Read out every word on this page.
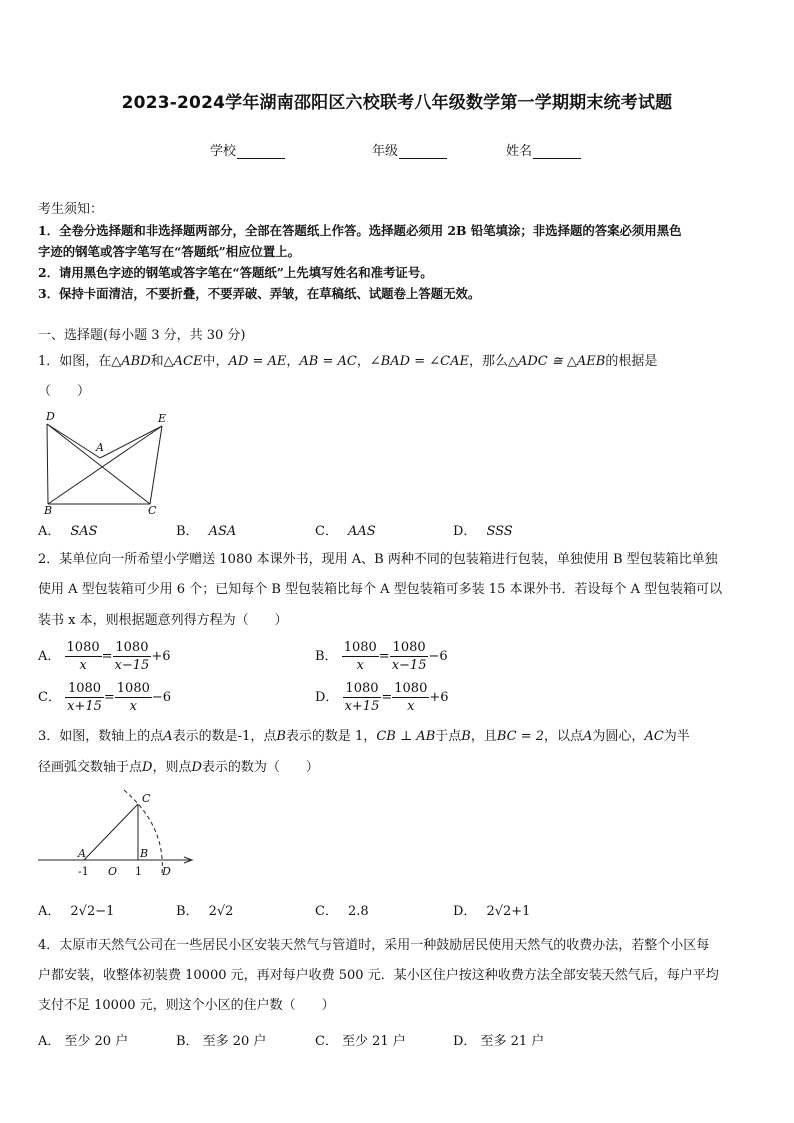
2023-2024学年湖南邵阳区六校联考八年级数学第一学期期末统考试题
学校	年级	姓名
考生须知：
1．全卷分选择题和非选择题两部分，全部在答题纸上作答。选择题必须用 2B 铅笔填涂；非选择题的答案必须用黑色
字迹的钢笔或答字笔写在“答题纸”相应位置上。
2．请用黑色字迹的钢笔或答字笔在“答题纸”上先填写姓名和准考证号。
3．保持卡面清洁，不要折叠，不要弄破、弄皱，在草稿纸、试题卷上答题无效。
一、选择题(每小题 3 分，共 30 分)
1．如图，在△ABD和△ACE中，AD = AE，AB = AC，∠BAD = ∠CAE，那么△ADC ≅ △AEB的根据是
（　　）
D	E
A
B	C
A． SAS	B． ASA	C． AAS	D． SSS
2．某单位向一所希望小学赠送 1080 本课外书，现用 A、B 两种不同的包装箱进行包装，单独使用 B 型包装箱比单独
使用 A 型包装箱可少用 6 个；已知每个 B 型包装箱比每个 A 型包装箱可多装 15 本课外书．若设每个 A 型包装箱可以
装书 x 本，则根据题意列得方程为（　　）
A． $\frac{1080}{x} = \frac{1080}{x-15} +6$	B． $\frac{1080}{x} = \frac{1080}{x-15} -6$
C． $\frac{1080}{x+15} = \frac{1080}{x} -6$	D． $\frac{1080}{x+15} = \frac{1080}{x} +6$
3．如图，数轴上的点A表示的数是-1，点B表示的数是 1，CB ⊥ AB于点B，且BC = 2，以点A为圆心，AC为半
径画弧交数轴于点D，则点D表示的数为（　　）
C
A	B
-1 O 1 D
A． 2√2−1	B． 2√2	C． 2.8	D． 2√2+1
4．太原市天然气公司在一些居民小区安装天然气与管道时，采用一种鼓励居民使用天然气的收费办法，若整个小区每
户都安装，收整体初装费 10000 元，再对每户收费 500 元．某小区住户按这种收费方法全部安装天然气后，每户平均
支付不足 10000 元，则这个小区的住户数（　　）
A． 至少 20 户	B． 至多 20 户	C． 至少 21 户	D． 至多 21 户
